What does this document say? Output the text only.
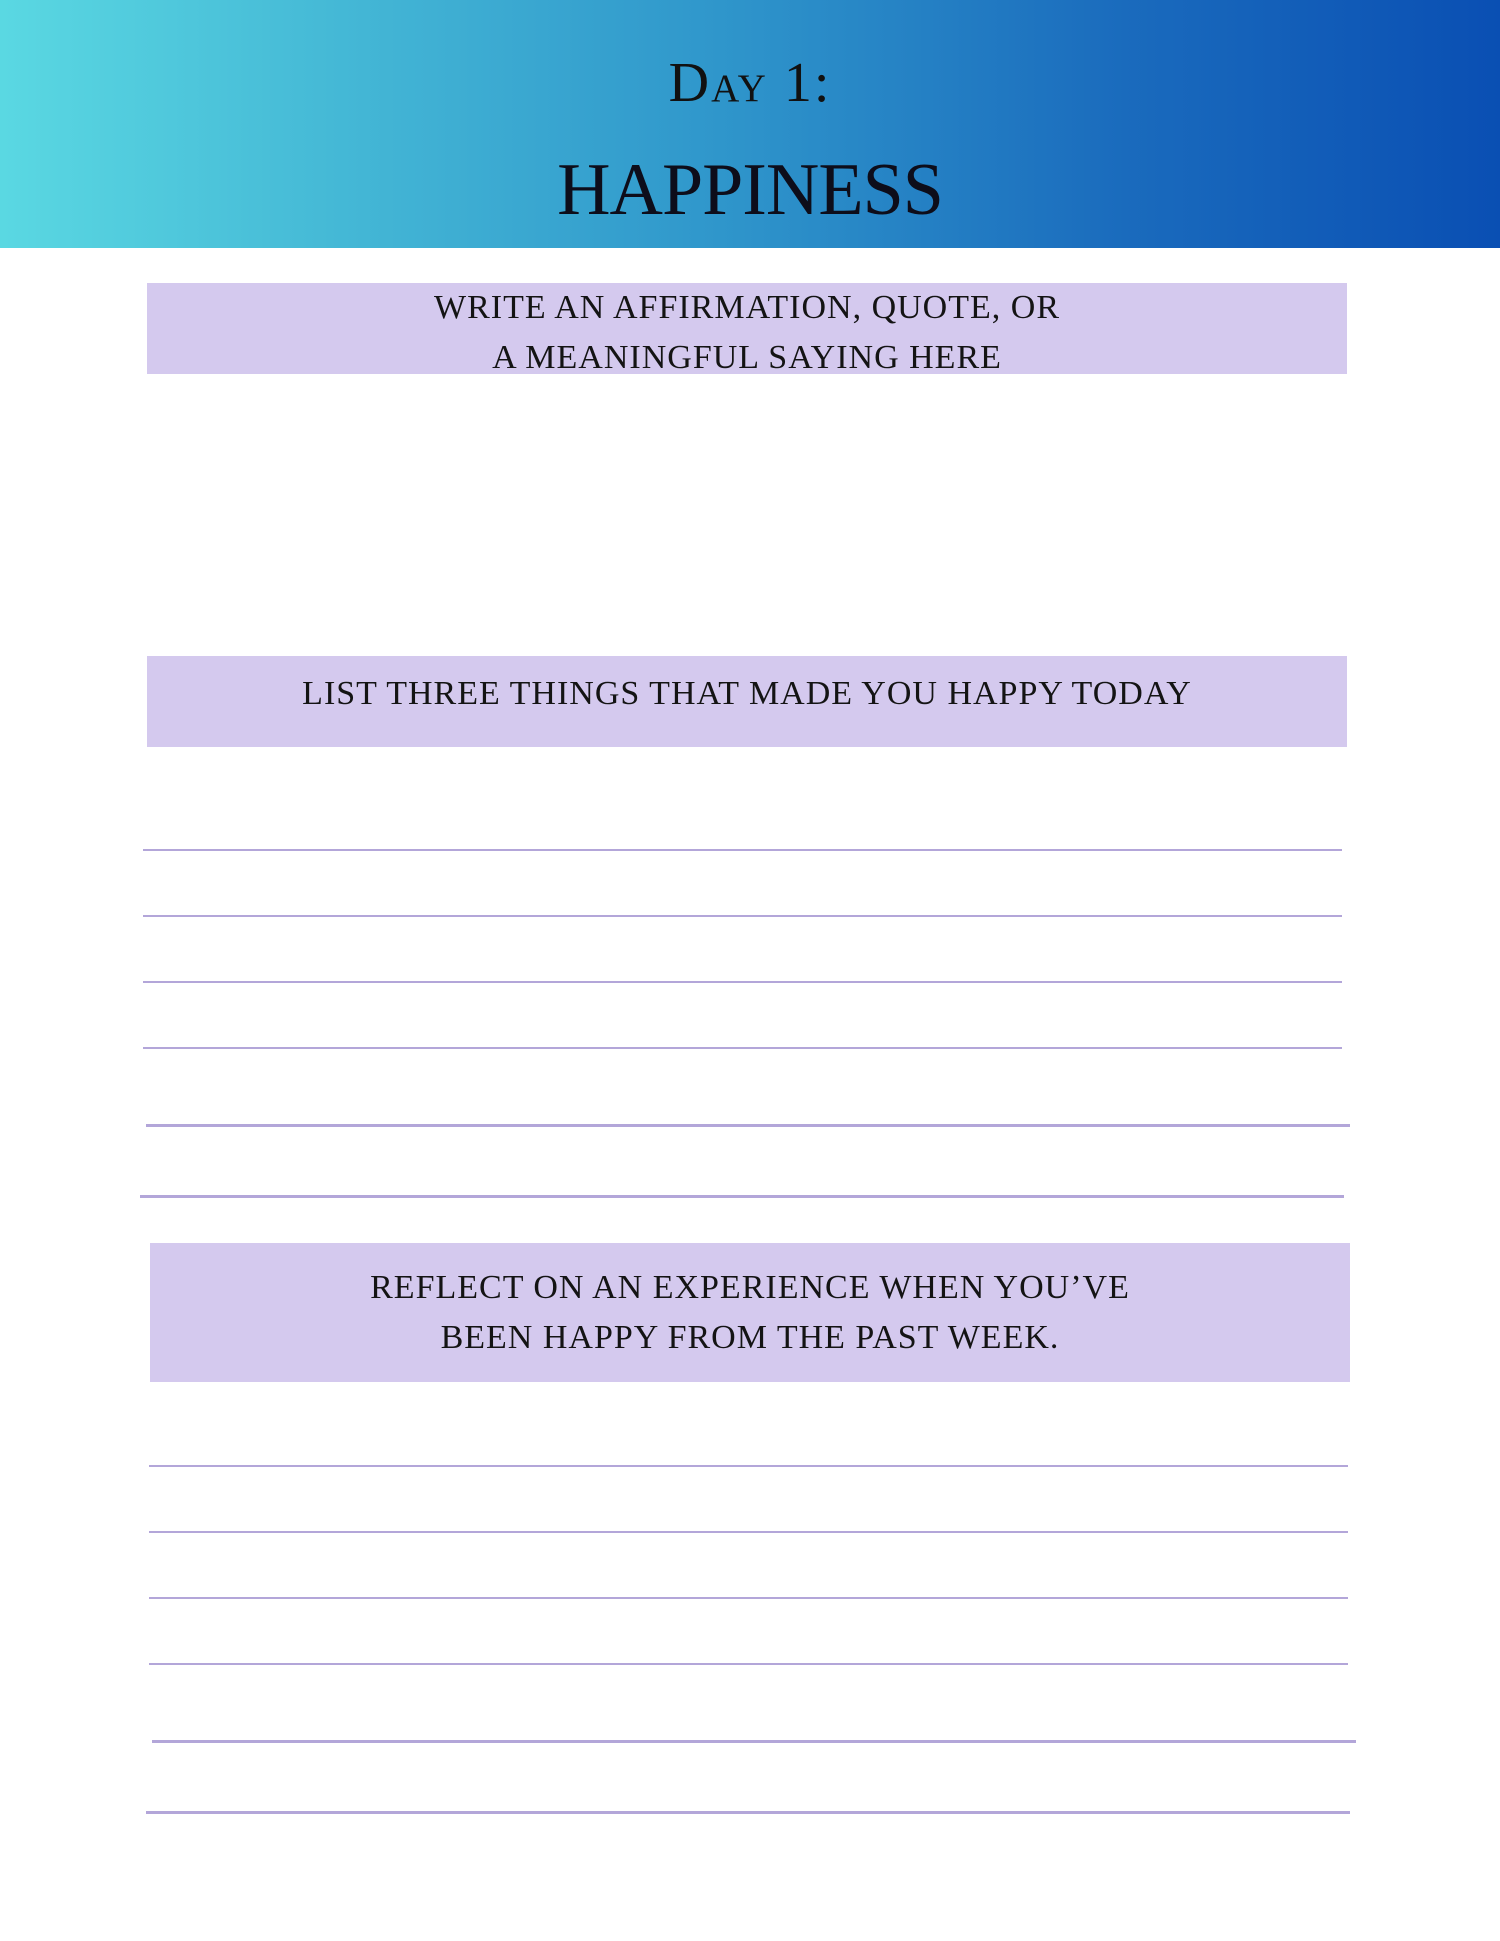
Day 1:
HAPPINESS
WRITE AN AFFIRMATION, QUOTE, OR
A MEANINGFUL SAYING HERE
LIST THREE THINGS THAT MADE YOU HAPPY TODAY
REFLECT ON AN EXPERIENCE WHEN YOU’VE
BEEN HAPPY FROM THE PAST WEEK.
